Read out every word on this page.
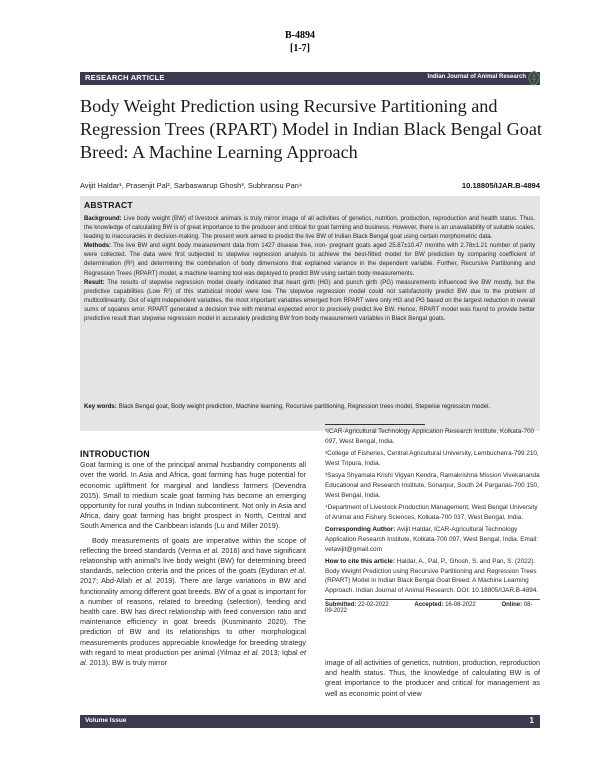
B-4894
[1-7]
RESEARCH ARTICLE	Indian Journal of Animal Research
Body Weight Prediction using Recursive Partitioning and Regression Trees (RPART) Model in Indian Black Bengal Goat Breed: A Machine Learning Approach
Avijit Haldar¹, Prasenjit Pal², Sarbaswarup Ghosh³, Subhransu Pan⁴	10.18805/IJAR.B-4894
ABSTRACT

Background: Live body weight (BW) of livestock animals is truly mirror image of all activities of genetics, nutrition, production, reproduction and health status. Thus, the knowledge of calculating BW is of great importance to the producer and critical for goat farming and business. However, there is an unavailability of suitable scales, leading to inaccuracies in decision-making. The present work aimed to predict the live BW of Indian Black Bengal goat using certain morphometric data.

Methods: The live BW and eight body measurement data from 1427 disease free, non- pregnant goats aged 25.87±10.47 months with 2.78±1.21 number of parity were collected. The data were first subjected to stepwise regression analysis to achieve the best-fitted model for BW prediction by comparing coefficient of determination (R²) and determining the combination of body dimensions that explained variance in the dependent variable. Further, Recursive Partitioning and Regression Trees (RPART) model, a machine learning tool was deployed to predict BW using certain body measurements.

Result: The results of stepwise regression model clearly indicated that heart girth (HG) and punch girth (PG) measurements influenced live BW mostly, but the predictive capabilities (Low R²) of this statistical model were low. The stepwise regression model could not satisfactorily predict BW due to the problem of multicollinearity. Out of eight independent variables, the most important variables emerged from RPART were only HG and PG based on the largest reduction in overall sums of squares error. RPART generated a decision tree with minimal expected error to precisely predict live BW. Hence, RPART model was found to provide better predictive result than stepwise regression model in accurately predicting BW from body measurement variables in Black Bengal goats.

Key words: Black Bengal goat, Body weight prediction, Machine learning, Recursive partitioning, Regression trees model, Stepwise regression model.
INTRODUCTION

Goat farming is one of the principal animal husbandry components all over the world. In Asia and Africa, goat farming has huge potential for economic upliftment for marginal and landless farmers (Devendra 2015). Small to medium scale goat farming has become an emerging opportunity for rural youths in Indian subcontinent. Not only in Asia and Africa, dairy goat farming has bright prospect in North, Central and South America and the Caribbean islands (Lu and Miller 2019).

Body measurements of goats are imperative within the scope of reflecting the breed standards (Verma et al. 2016) and have significant relationship with animal's live body weight (BW) for determining breed standards, selection criteria and the prices of the goats (Eyduran et al. 2017; Abd-Allah et al. 2019). There are large variations in BW and functionality among different goat breeds. BW of a goat is important for a number of reasons, related to breeding (selection), feeding and health care. BW has direct relationship with feed conversion ratio and maintenance efficiency in goat breeds (Kusminanto 2020). The prediction of BW and its relationships to other morphological measurements produces appreciable knowledge for breeding strategy with regard to meat production per animal (Yilmaz et al. 2013; Iqbal et al. 2013). BW is truly mirror

¹ICAR-Agricultural Technology Application Research Institute, Kolkata-700 097, West Bengal, India.

²College of Fisheries, Central Agricultural University, Lembucherra-799 210, West Tripura, India.

³Sasya Shyamala Krishi Vigyan Kendra, Ramakrishna Mission Vivekananda Educational and Research Institute, Sonarpur, South 24 Parganas-700 150, West Bengal, India.

⁴Department of Livestock Production Management, West Bengal University of Animal and Fishery Sciences, Kolkata-700 037, West Bengal, India.

Corresponding Author: Avijit Haldar, ICAR-Agricultural Technology Application Research Institute, Kolkata-700 097, West Bengal, India. Email: vetavijit@gmail.com

How to cite this article: Haldar, A., Pal, P., Ghosh, S. and Pan, S. (2022). Body Weight Prediction using Recursive Partitioning and Regression Trees (RPART) Model in Indian Black Bengal Goat Breed: A Machine Learning Approach. Indian Journal of Animal Research. DOI: 10.18805/IJAR.B-4894.

Submitted: 22-02-2022	Accepted: 16-08-2022	Online: 08-09-2022
image of all activities of genetics, nutrition, production, reproduction and health status. Thus, the knowledge of calculating BW is of great importance to the producer and critical for management as well as economic point of view
Volume Issue	1
